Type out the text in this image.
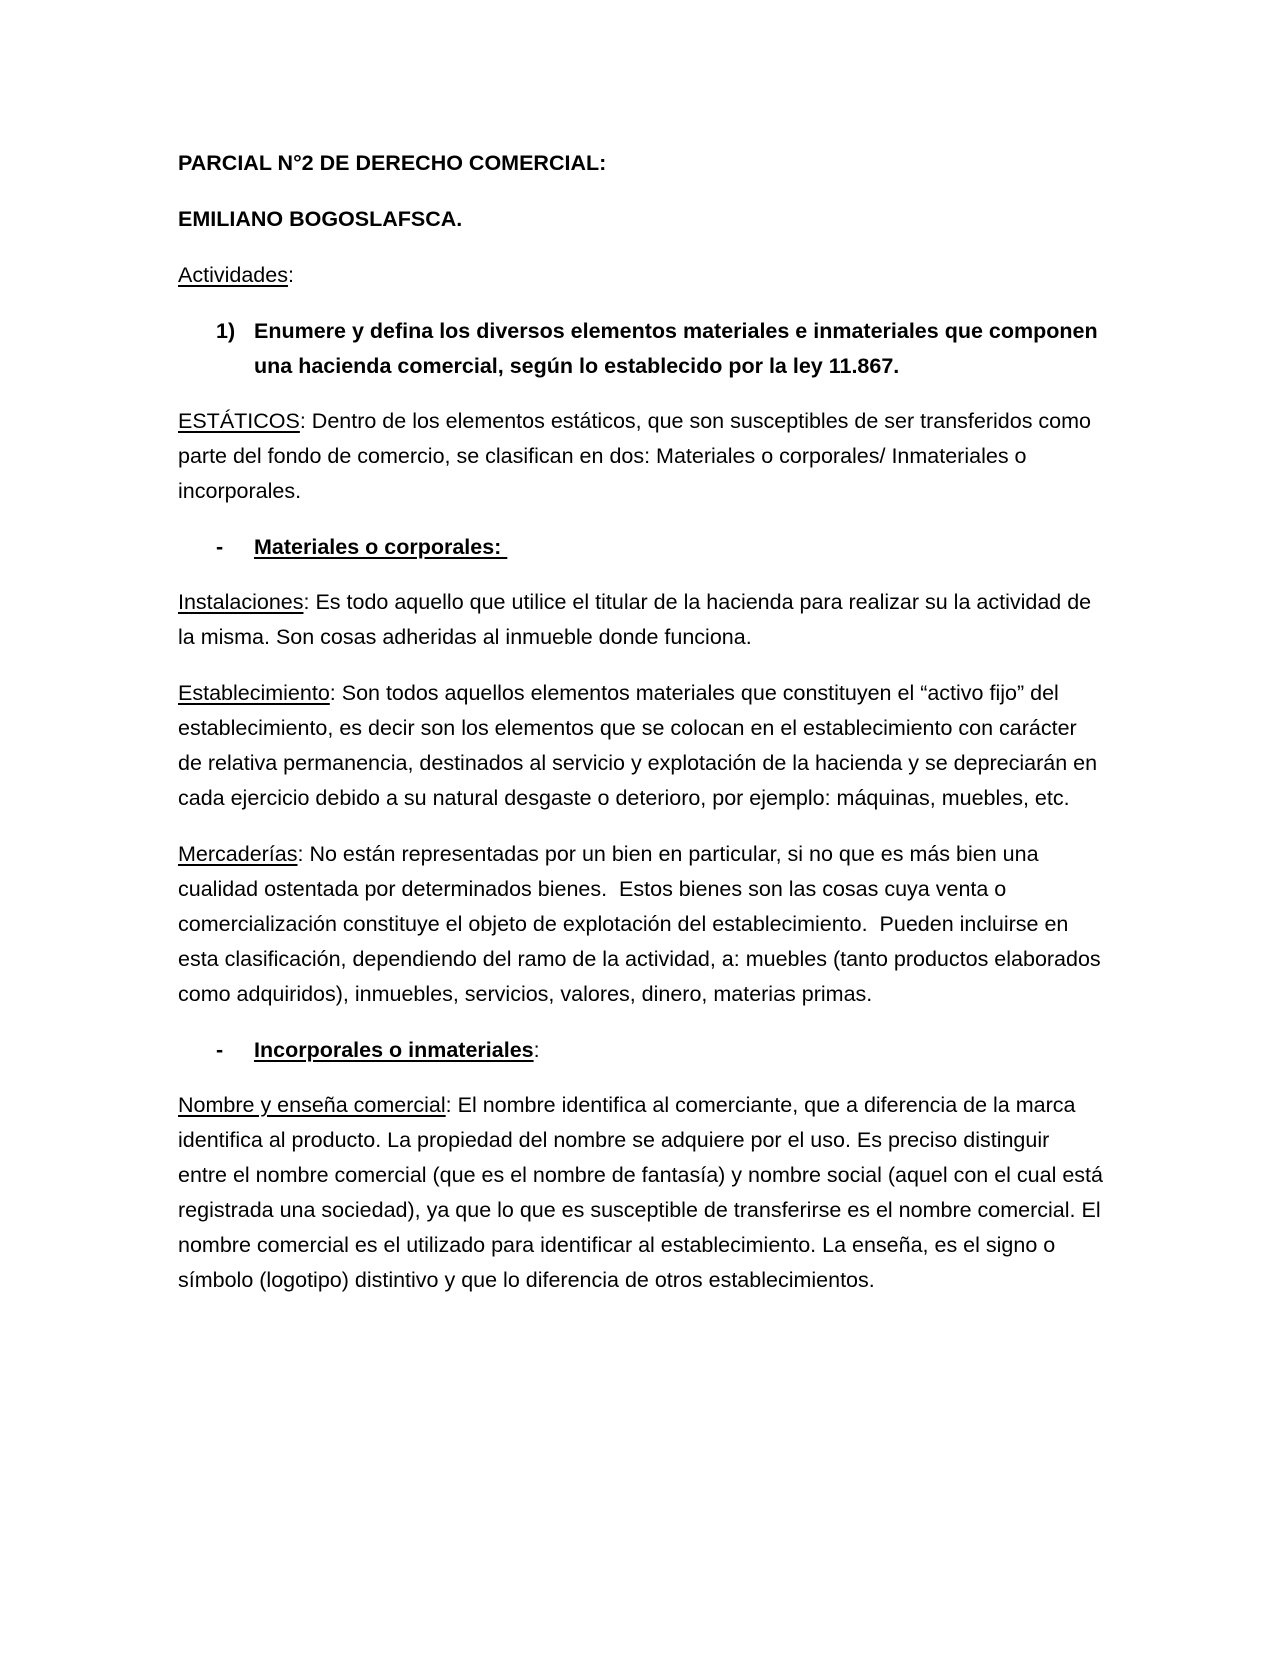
PARCIAL N°2 DE DERECHO COMERCIAL:

EMILIANO BOGOSLAFSCA.

Actividades:

1) Enumere y defina los diversos elementos materiales e inmateriales que componen una hacienda comercial, según lo establecido por la ley 11.867.

ESTÁTICOS: Dentro de los elementos estáticos, que son susceptibles de ser transferidos como parte del fondo de comercio, se clasifican en dos: Materiales o corporales/ Inmateriales o incorporales.

- Materiales o corporales:

Instalaciones: Es todo aquello que utilice el titular de la hacienda para realizar su la actividad de la misma. Son cosas adheridas al inmueble donde funciona.

Establecimiento: Son todos aquellos elementos materiales que constituyen el “activo fijo” del establecimiento, es decir son los elementos que se colocan en el establecimiento con carácter de relativa permanencia, destinados al servicio y explotación de la hacienda y se depreciarán en cada ejercicio debido a su natural desgaste o deterioro, por ejemplo: máquinas, muebles, etc.

Mercaderías: No están representadas por un bien en particular, si no que es más bien una cualidad ostentada por determinados bienes.  Estos bienes son las cosas cuya venta o comercialización constituye el objeto de explotación del establecimiento.  Pueden incluirse en esta clasificación, dependiendo del ramo de la actividad, a: muebles (tanto productos elaborados como adquiridos), inmuebles, servicios, valores, dinero, materias primas.

- Incorporales o inmateriales:

Nombre y enseña comercial: El nombre identifica al comerciante, que a diferencia de la marca identifica al producto. La propiedad del nombre se adquiere por el uso. Es preciso distinguir entre el nombre comercial (que es el nombre de fantasía) y nombre social (aquel con el cual está registrada una sociedad), ya que lo que es susceptible de transferirse es el nombre comercial. El nombre comercial es el utilizado para identificar al establecimiento. La enseña, es el signo o símbolo (logotipo) distintivo y que lo diferencia de otros establecimientos.
